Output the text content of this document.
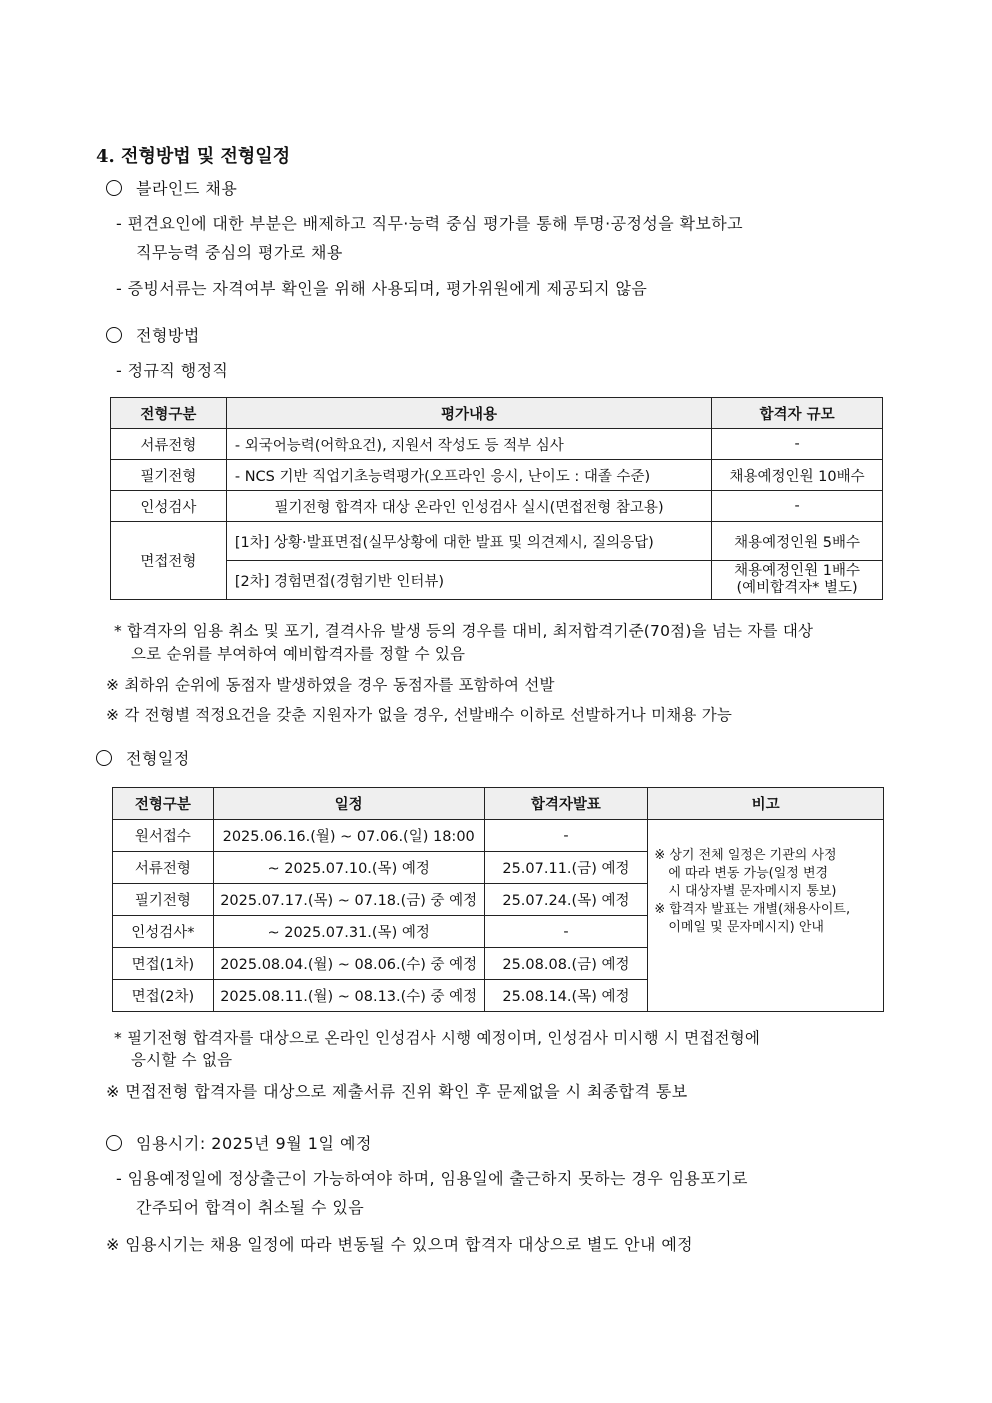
4. 전형방법 및 전형일정
블라인드 채용
- 편견요인에 대한 부분은 배제하고 직무·능력 중심 평가를 통해 투명·공정성을 확보하고
직무능력 중심의 평가로 채용
- 증빙서류는 자격여부 확인을 위해 사용되며, 평가위원에게 제공되지 않음
전형방법
- 정규직 행정직
전형구분	평가내용	합격자 규모
서류전형	- 외국어능력(어학요건), 지원서 작성도 등 적부 심사	-
필기전형	- NCS 기반 직업기초능력평가(오프라인 응시, 난이도 : 대졸 수준)	채용예정인원 10배수
인성검사	필기전형 합격자 대상 온라인 인성검사 실시(면접전형 참고용)	-
면접전형	[1차] 상황·발표면접(실무상황에 대한 발표 및 의견제시, 질의응답)	채용예정인원 5배수
	[2차] 경험면접(경험기반 인터뷰)	채용예정인원 1배수
(예비합격자* 별도)
* 합격자의 임용 취소 및 포기, 결격사유 발생 등의 경우를 대비, 최저합격기준(70점)을 넘는 자를 대상
으로 순위를 부여하여 예비합격자를 정할 수 있음
※ 최하위 순위에 동점자 발생하였을 경우 동점자를 포함하여 선발
※ 각 전형별 적정요건을 갖춘 지원자가 없을 경우, 선발배수 이하로 선발하거나 미채용 가능
전형일정
전형구분	일정	합격자발표	비고
원서접수	2025.06.16.(월) ~ 07.06.(일) 18:00	-	※ 상기 전체 일정은 기관의 사정
에 따라 변동 가능(일정 변경
시 대상자별 문자메시지 통보)
※ 합격자 발표는 개별(채용사이트,
이메일 및 문자메시지) 안내

서류전형	~ 2025.07.10.(목) 예정	25.07.11.(금) 예정	
필기전형	2025.07.17.(목) ~ 07.18.(금) 중 예정	25.07.24.(목) 예정	
인성검사*	~ 2025.07.31.(목) 예정	-	
면접(1차)	2025.08.04.(월) ~ 08.06.(수) 중 예정	25.08.08.(금) 예정	
면접(2차)	2025.08.11.(월) ~ 08.13.(수) 중 예정	25.08.14.(목) 예정	
* 필기전형 합격자를 대상으로 온라인 인성검사 시행 예정이며, 인성검사 미시행 시 면접전형에
응시할 수 없음
※ 면접전형 합격자를 대상으로 제출서류 진위 확인 후 문제없을 시 최종합격 통보
임용시기: 2025년 9월 1일 예정
- 임용예정일에 정상출근이 가능하여야 하며, 임용일에 출근하지 못하는 경우 임용포기로
간주되어 합격이 취소될 수 있음
※ 임용시기는 채용 일정에 따라 변동될 수 있으며 합격자 대상으로 별도 안내 예정
